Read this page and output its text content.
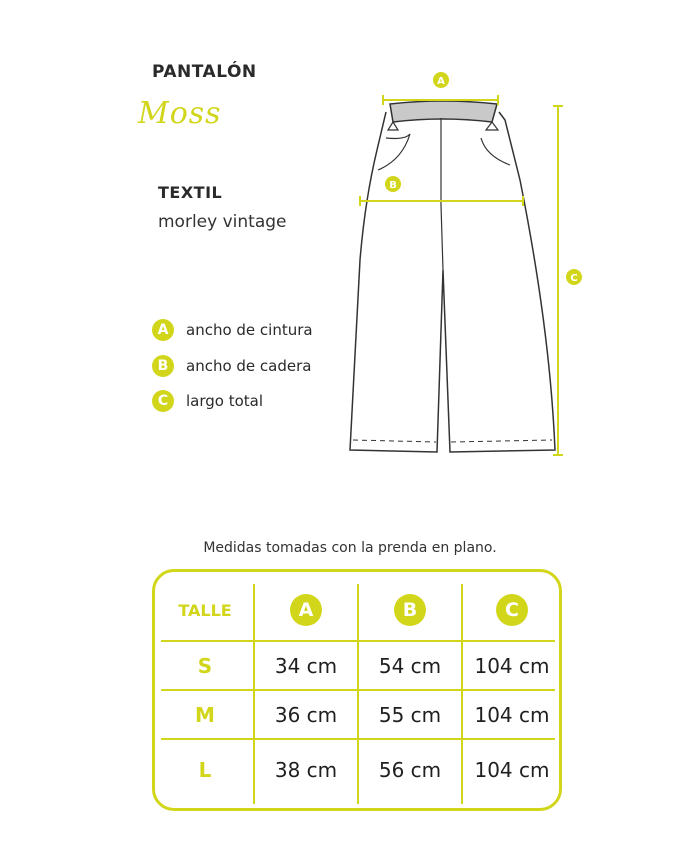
PANTALÓN
Moss
TEXTIL
morley vintage
A	ancho de cintura
B	ancho de cadera
C	largo total
A
B
C
Medidas tomadas con la prenda en plano.
TALLE	A	B	C
S	34 cm	54 cm	104 cm
M	36 cm	55 cm	104 cm
L	38 cm	56 cm	104 cm
